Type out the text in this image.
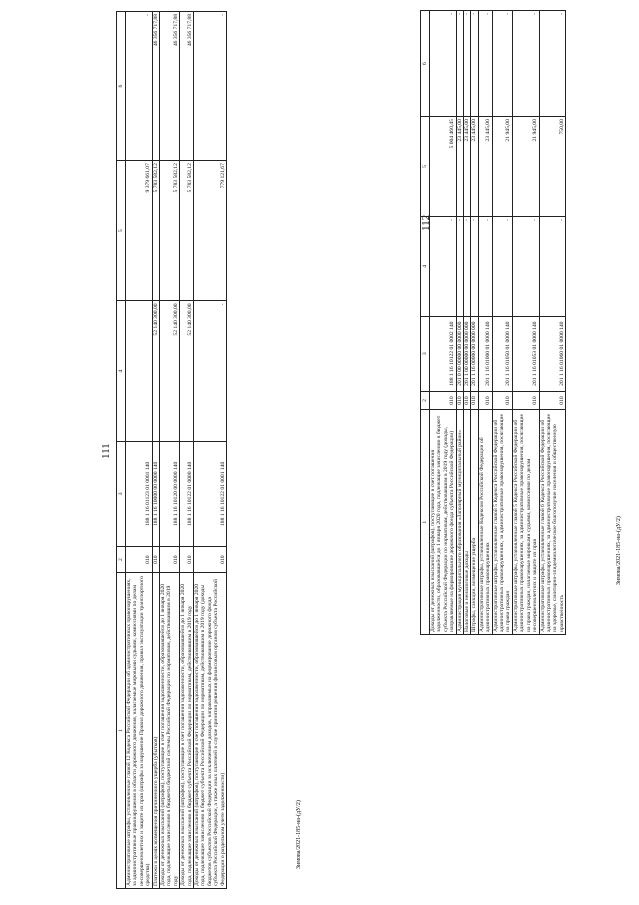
111
Зимова/2021-185-на-(дУ/2)
1	2	3	4	5	6
Административные штрафы, установленные главой 12 Кодекса Российской Федерации об административных правонарушениях, за административные правонарушения в области дорожного движения, налагаемые мировыми судьями, комиссиями по делам несовершеннолетних и защите их прав (штрафы за нарушение Правил дорожного движения, правил эксплуатации транспортного средства)	010	188 1 16 01123 01 0001 140		9 379 661,07	-
Платежи в целях возмещения причиненного ущерба (убытков)	010	188 1 16 10000 00 0000 140	52 140 300,00	5 783 582,12	46 356 717,88
Доходы от денежных взысканий (штрафов), поступающие в счет погашения задолженности, образовавшейся до 1 января 2020 года, подлежащие зачислению в бюджеты бюджетной системы Российской Федерации по нормативам, действовавшим в 2019 году	010	188 1 16 10120 00 0000 140	52 140 300,00	5 783 582,12	46 356 717,88
Доходы от денежных взысканий (штрафов), поступающие в счет погашения задолженности, образовавшейся до 1 января 2020 года, подлежащие зачислению в бюджет субъекта Российской Федерации по нормативам, действовавшим в 2019 году	010	188 1 16 10122 01 0000 140	52 140 300,00	5 783 582,12	46 356 717,88
Доходы от денежных взысканий (штрафов), поступающие в счет погашения задолженности, образовавшейся до 1 января 2020 года, подлежащие зачислению в бюджет субъекта Российской Федерации по нормативам, действовавшим в 2019 году (доходы бюджетов субъектов Российской Федерации за исключением доходов, направляемых на формирование дорожного фонда субъекта Российской Федерации, а также иных платежей в случае принятия решения финансовым органом субъекта Российской Федерации о раздельном учете задолженности)	010	188 1 16 10122 01 0001 140	-	779 121,67	-
112
Зимова/2021-185-на-(дУ/2)
1	2	3	4	5	6
Доходы от денежных взысканий (штрафов), поступающие в счет погашения задолженности, образовавшейся до 1 января 2020 года, подлежащие зачислению в бюджет субъекта Российской Федерации по нормативам, действовавшим в 2019 году (доходы, направляемые на формирование дорожного фонда субъекта Российской Федерации)	010	188 1 16 10122 01 0002 140	-	5 004 460,45	-
Администрация муниципального образования «Заполярный муниципальный район»	010	201 0 00 00000 00 0000 000	-	23 445,00	-
Налоговые и неналоговые доходы	010	201 1 00 00000 00 0000 000	-	23 445,00	-
Штрафы, санкции, возмещение ущерба	010	201 1 16 00000 00 0000 000	-	23 445,00	-
Административные штрафы, установленные Кодексом Российской Федерации об административных правонарушениях	010	201 1 16 01000 01 0000 140	-	23 445,00	-
Административные штрафы, установленные главой 5 Кодекса Российской Федерации об административных правонарушениях, за административные правонарушения, посягающие на права граждан	010	201 1 16 01050 01 0000 140	-	21 945,00	-
Административные штрафы, установленные главой 5 Кодекса Российской Федерации об административных правонарушениях, за административные правонарушения, посягающие на права граждан, налагаемые мировыми судьями, комиссиями по делам несовершеннолетних и защите их прав	010	201 1 16 01053 01 0000 140	-	21 945,00	-
Административные штрафы, установленные главой 6 Кодекса Российской Федерации об административных правонарушениях, за административные правонарушения, посягающие на здоровье, санитарно-эпидемиологическое благополучие населения и общественную нравственность	010	201 1 16 01060 01 0000 140	-	750,00	-
